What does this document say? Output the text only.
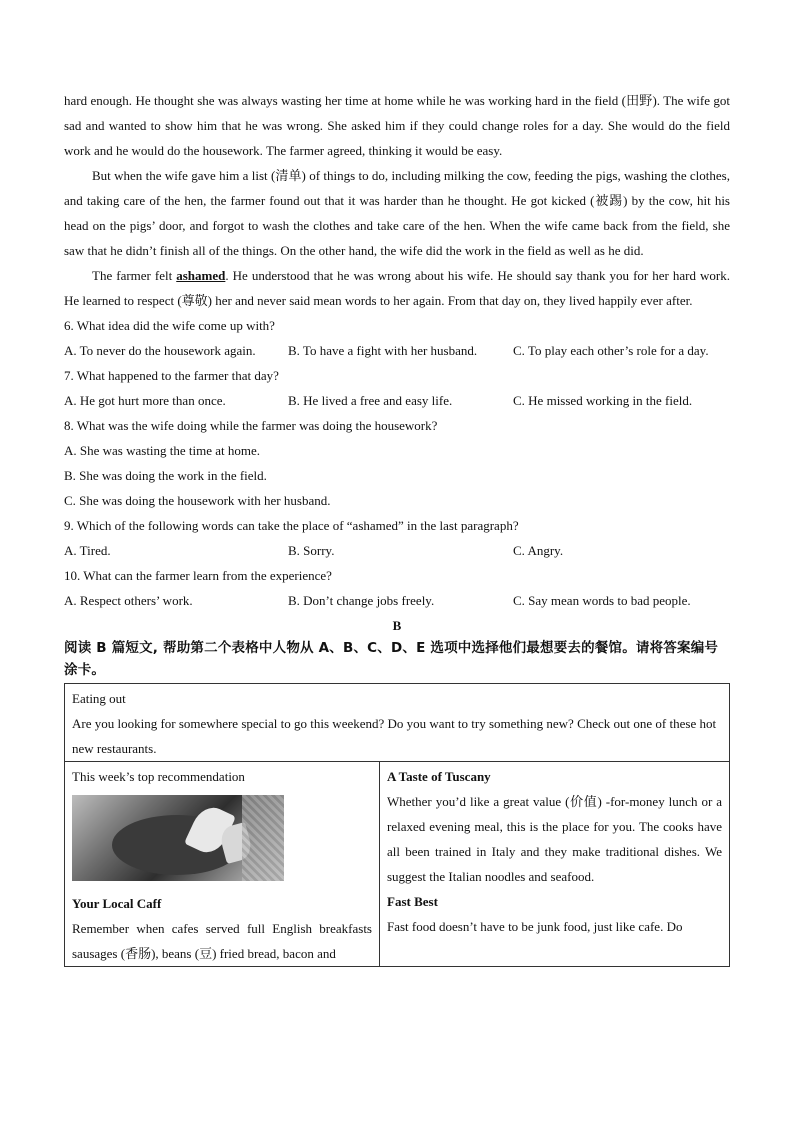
hard enough. He thought she was always wasting her time at home while he was working hard in the field (田野). The wife got sad and wanted to show him that he was wrong. She asked him if they could change roles for a day. She would do the field work and he would do the housework. The farmer agreed, thinking it would be easy.

But when the wife gave him a list (清单) of things to do, including milking the cow, feeding the pigs, washing the clothes, and taking care of the hen, the farmer found out that it was harder than he thought. He got kicked (被踢) by the cow, hit his head on the pigs’ door, and forgot to wash the clothes and take care of the hen. When the wife came back from the field, she saw that he didn’t finish all of the things. On the other hand, the wife did the work in the field as well as he did.

The farmer felt ashamed. He understood that he was wrong about his wife. He should say thank you for her hard work. He learned to respect (尊敬) her and never said mean words to her again. From that day on, they lived happily ever after.

6. What idea did the wife come up with?
A. To never do the housework again.	B. To have a fight with her husband.	C. To play each other’s role for a day.
7. What happened to the farmer that day?
A. He got hurt more than once.	B. He lived a free and easy life.	C. He missed working in the field.
8. What was the wife doing while the farmer was doing the housework?
A. She was wasting the time at home.
B. She was doing the work in the field.
C. She was doing the housework with her husband.
9. Which of the following words can take the place of “ashamed” in the last paragraph?
A. Tired.	B. Sorry.	C. Angry.
10. What can the farmer learn from the experience?
A. Respect others’ work.	B. Don’t change jobs freely.	C. Say mean words to bad people.
B

阅读 B 篇短文, 帮助第二个表格中人物从 A、B、C、D、E 选项中选择他们最想要去的餐馆。请将答案编号涂卡。

Eating out
Are you looking for somewhere special to go this weekend? Do you want to try something new? Check out one of these hot new restaurants.

This week’s top recommendation
Your Local Caff
Remember when cafes served full English breakfasts sausages (香肠), beans (豆) fried bread, bacon and

A Taste of Tuscany
Whether you’d like a great value (价值) -for-money lunch or a relaxed evening meal, this is the place for you. The cooks have all been trained in Italy and they make traditional dishes. We suggest the Italian noodles and seafood.
Fast Best
Fast food doesn’t have to be junk food, just like cafe. Do
